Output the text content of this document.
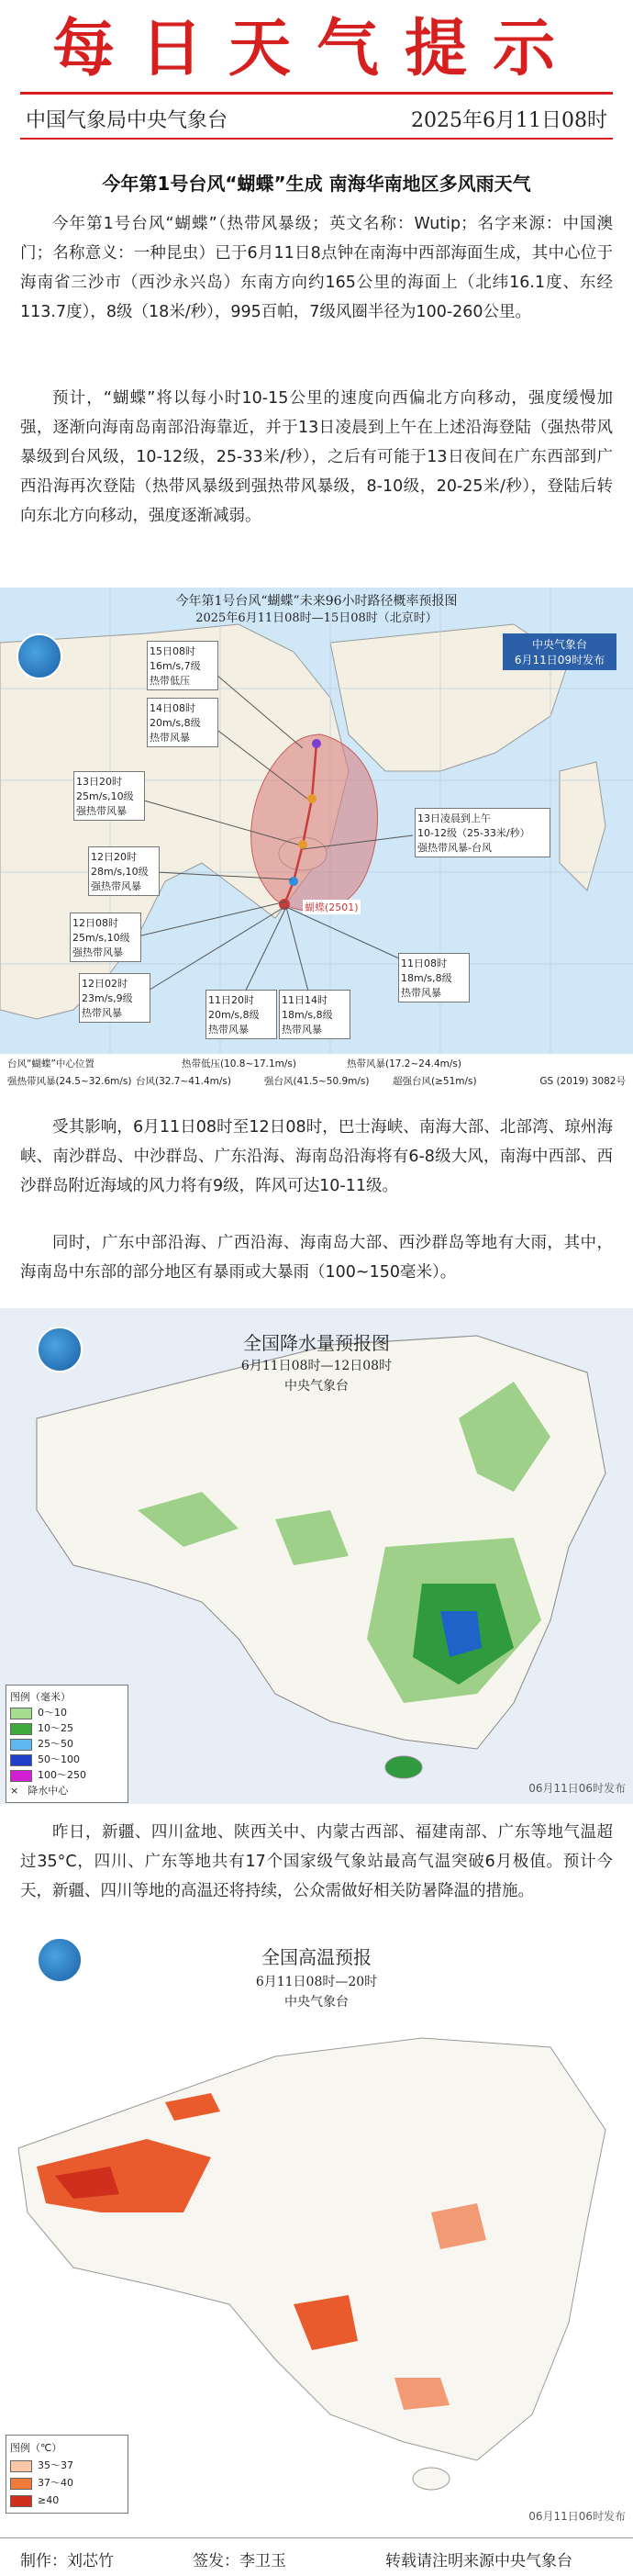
每日天气提示
中国气象局中央气象台	2025年6月11日08时
今年第1号台风“蝴蝶”生成 南海华南地区多风雨天气
今年第1号台风“蝴蝶”（热带风暴级；英文名称：Wutip；名字来源：中国澳门；名称意义：一种昆虫）已于6月11日8点钟在南海中西部海面生成，其中心位于海南省三沙市（西沙永兴岛）东南方向约165公里的海面上（北纬16.1度、东经113.7度），8级（18米/秒），995百帕，7级风圈半径为100-260公里。
预计，“蝴蝶”将以每小时10-15公里的速度向西偏北方向移动，强度缓慢加强，逐渐向海南岛南部沿海靠近，并于13日凌晨到上午在上述沿海登陆（强热带风暴级到台风级，10-12级，25-33米/秒），之后有可能于13日夜间在广东西部到广西沿海再次登陆（热带风暴级到强热带风暴级，8-10级，20-25米/秒），登陆后转向东北方向移动，强度逐渐减弱。
今年第1号台风“蝴蝶”未来96小时路径概率预报图
2025年6月11日08时—15日08时（北京时）
中央气象台
6月11日09时发布
蝴蝶(2501)
15日08时
16m/s,7级
热带低压
14日08时
20m/s,8级
热带风暴
13日20时
25m/s,10级
强热带风暴
13日凌晨到上午
10-12级（25-33米/秒）
强热带风暴-台风
12日20时
28m/s,10级
强热带风暴
12日08时
25m/s,10级
强热带风暴
12日02时
23m/s,9级
热带风暴
11日20时
20m/s,8级
热带风暴
11日14时
18m/s,8级
热带风暴
11日08时
18m/s,8级
热带风暴
台风“蝴蝶”中心位置	热带低压(10.8~17.1m/s)	热带风暴(17.2~24.4m/s)
强热带风暴(24.5~32.6m/s) 台风(32.7~41.4m/s)	强台风(41.5~50.9m/s) 超强台风(≥51m/s)	GS (2019) 3082号
受其影响，6月11日08时至12日08时，巴士海峡、南海大部、北部湾、琼州海峡、南沙群岛、中沙群岛、广东沿海、海南岛沿海将有6-8级大风，南海中西部、西沙群岛附近海域的风力将有9级，阵风可达10-11级。
同时，广东中部沿海、广西沿海、海南岛大部、西沙群岛等地有大雨，其中，海南岛中东部的部分地区有暴雨或大暴雨（100~150毫米）。
全国降水量预报图
6月11日08时—12日08时
中央气象台
图例（毫米）
0～10
10～25
25～50
50～100
100～250
× 降水中心	06月11日06时发布
昨日，新疆、四川盆地、陕西关中、内蒙古西部、福建南部、广东等地气温超过35°C，四川、广东等地共有17个国家级气象站最高气温突破6月极值。预计今天，新疆、四川等地的高温还将持续，公众需做好相关防暑降温的措施。
全国高温预报
6月11日08时—20时
中央气象台
图例（℃）
35～37
37～40
≥40
06月11日06时发布
制作：刘芯竹	签发：李卫玉	转载请注明来源中央气象台
